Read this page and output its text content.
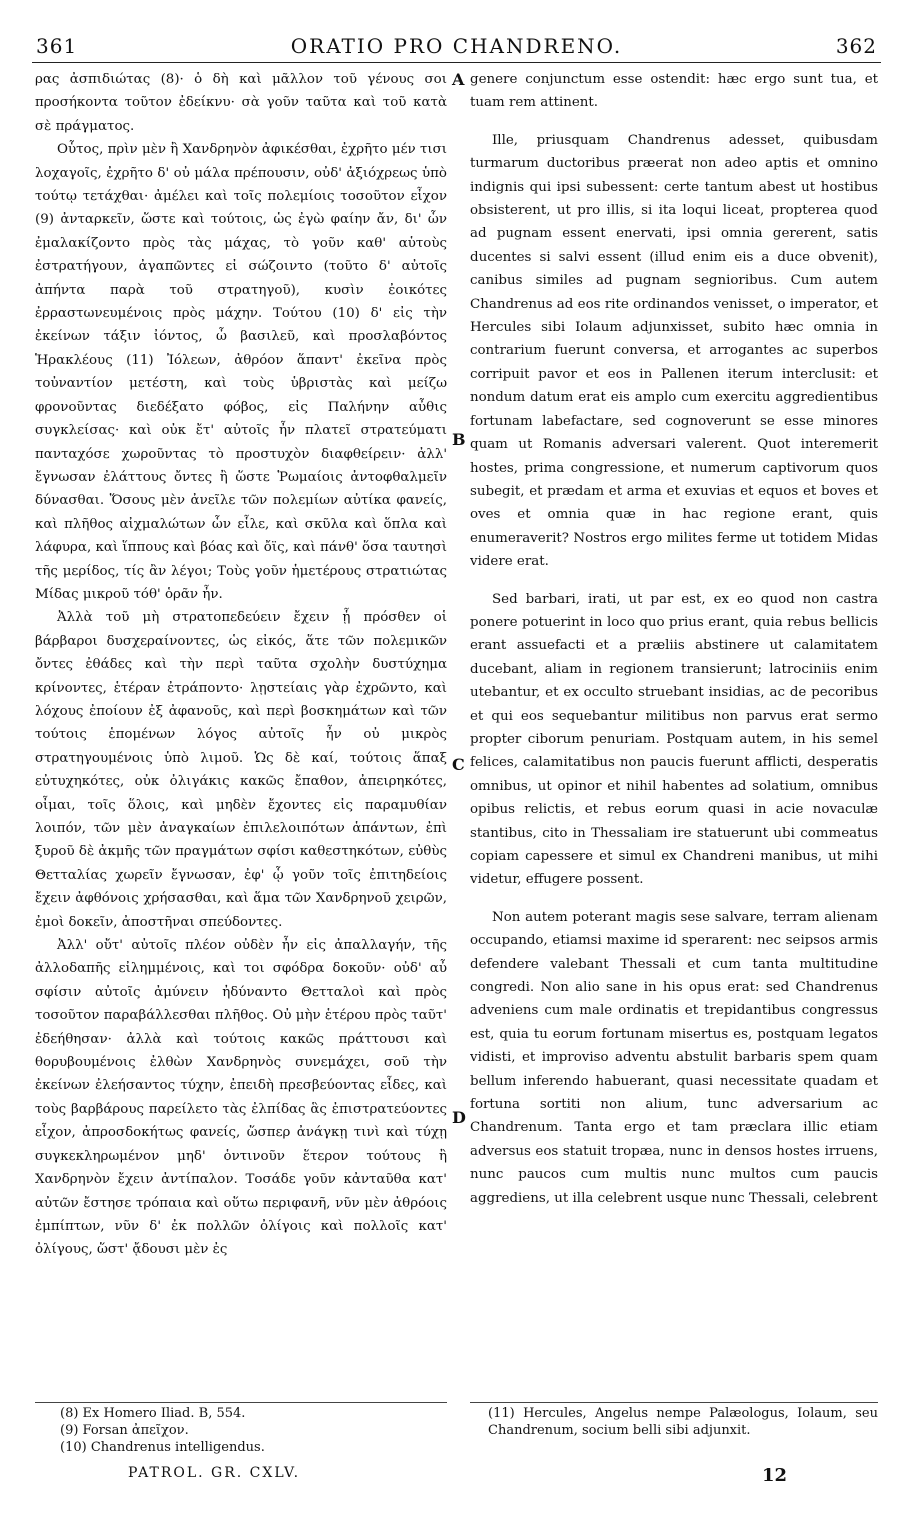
361	ORATIO PRO CHANDRENO.	362

ρας ἀσπιδιώτας (8)· ὁ δὴ καὶ μᾶλλον τοῦ γένους σοι προσήκοντα τοῦτον ἐδείκνυ· σὰ γοῦν ταῦτα καὶ τοῦ κατὰ σὲ πράγματος.

Οὗτος, πρὶν μὲν ἢ Χανδρηνὸν ἀφικέσθαι, ἐχρῆτο μέν τισι λοχαγοῖς, ἐχρῆτο δ' οὐ μάλα πρέπουσιν, οὐδ' ἀξιόχρεως ὑπὸ τούτῳ τετάχθαι· ἀμέλει καὶ τοῖς πολεμίοις τοσοῦτον εἶχον (9) ἀνταρκεῖν, ὥστε καὶ τούτοις, ὡς ἐγὼ φαίην ἄν, δι' ὧν ἐμαλακίζοντο πρὸς τὰς μάχας, τὸ γοῦν καθ' αὑτοὺς ἐστρατήγουν, ἀγαπῶντες εἰ σώζοιντο (τοῦτο δ' αὐτοῖς ἀπήντα παρὰ τοῦ στρατηγοῦ), κυσὶν ἐοικότες ἐρραστωνευμένοις πρὸς μάχην. Τούτου (10) δ' εἰς τὴν ἐκείνων τάξιν ἰόντος, ὦ βασιλεῦ, καὶ προσλαβόντος Ἡρακλέους (11) Ἰόλεων, ἀθρόον ἅπαντ' ἐκεῖνα πρὸς τοὐναντίον μετέστη, καὶ τοὺς ὑβριστὰς καὶ μείζω φρονοῦντας διεδέξατο φόβος, εἰς Παλήνην αὖθις συγκλείσας· καὶ οὐκ ἔτ' αὐτοῖς ἦν πλατεῖ στρατεύματι πανταχόσε χωροῦντας τὸ προστυχὸν διαφθείρειν· ἀλλ' ἔγνωσαν ἐλάττους ὄντες ἢ ὥστε Ῥωμαίοις ἀντοφθαλμεῖν δύνασθαι. Ὅσους μὲν ἀνεῖλε τῶν πολεμίων αὐτίκα φανείς, καὶ πλῆθος αἰχμαλώτων ὧν εἷλε, καὶ σκῦλα καὶ ὅπλα καὶ λάφυρα, καὶ ἵππους καὶ βόας καὶ ὄϊς, καὶ πάνθ' ὅσα ταυτησὶ τῆς μερίδος, τίς ἂν λέγοι; Τοὺς γοῦν ἡμετέρους στρατιώτας Μίδας μικροῦ τόθ' ὁρᾶν ἦν.

Ἀλλὰ τοῦ μὴ στρατοπεδεύειν ἔχειν ᾗ πρόσθεν οἱ βάρβαροι δυσχεραίνοντες, ὡς εἰκός, ἅτε τῶν πολεμικῶν ὄντες ἐθάδες καὶ τὴν περὶ ταῦτα σχολὴν δυστύχημα κρίνοντες, ἑτέραν ἐτράποντο· λῃστείαις γὰρ ἐχρῶντο, καὶ λόχους ἐποίουν ἐξ ἀφανοῦς, καὶ περὶ βοσκημάτων καὶ τῶν τούτοις ἑπομένων λόγος αὐτοῖς ἦν οὐ μικρὸς στρατηγουμένοις ὑπὸ λιμοῦ. Ὡς δὲ καί, τούτοις ἅπαξ εὐτυχηκότες, οὐκ ὀλιγάκις κακῶς ἔπαθον, ἀπειρηκότες, οἶμαι, τοῖς ὅλοις, καὶ μηδὲν ἔχοντες εἰς παραμυθίαν λοιπόν, τῶν μὲν ἀναγκαίων ἐπιλελοιπότων ἁπάντων, ἐπὶ ξυροῦ δὲ ἀκμῆς τῶν πραγμάτων σφίσι καθεστηκότων, εὐθὺς Θετταλίας χωρεῖν ἔγνωσαν, ἐφ' ᾧ γοῦν τοῖς ἐπιτηδείοις ἔχειν ἀφθόνοις χρήσασθαι, καὶ ἅμα τῶν Χανδρηνοῦ χειρῶν, ἐμοὶ δοκεῖν, ἀποστῆναι σπεύδοντες.

Ἀλλ' οὔτ' αὐτοῖς πλέον οὐδὲν ἦν εἰς ἀπαλλαγήν, τῆς ἀλλοδαπῆς εἰλημμένοις, καὶ τοι σφόδρα δοκοῦν· οὐδ' αὖ σφίσιν αὐτοῖς ἀμύνειν ἠδύναντο Θετταλοὶ καὶ πρὸς τοσοῦτον παραβάλλεσθαι πλῆθος. Οὐ μὴν ἑτέρου πρὸς ταῦτ' ἐδεήθησαν· ἀλλὰ καὶ τούτοις κακῶς πράττουσι καὶ θορυβουμένοις ἐλθὼν Χανδρηνὸς συνεμάχει, σοῦ τὴν ἐκείνων ἐλεήσαντος τύχην, ἐπειδὴ πρεσβεύοντας εἶδες, καὶ τοὺς βαρβάρους παρείλετο τὰς ἐλπίδας ἃς ἐπιστρατεύοντες εἶχον, ἀπροσδοκήτως φανείς, ὥσπερ ἀνάγκῃ τινὶ καὶ τύχῃ συγκεκληρωμένον μηδ' ὁντινοῦν ἕτερον τούτους ἢ Χανδρηνὸν ἔχειν ἀντίπαλον. Τοσάδε γοῦν κἀνταῦθα κατ' αὐτῶν ἔστησε τρόπαια καὶ οὕτω περιφανῆ, νῦν μὲν ἀθρόοις ἐμπίπτων, νῦν δ' ἐκ πολλῶν ὀλίγοις καὶ πολλοῖς κατ' ὀλίγους, ὥστ' ᾄδουσι μὲν ἐς

A
B
C
D

genere conjunctum esse ostendit: hæc ergo sunt tua, et tuam rem attinent.

Ille, priusquam Chandrenus adesset, quibusdam turmarum ductoribus præerat non adeo aptis et omnino indignis qui ipsi subessent: certe tantum abest ut hostibus obsisterent, ut pro illis, si ita loqui liceat, propterea quod ad pugnam essent enervati, ipsi omnia gererent, satis ducentes si salvi essent (illud enim eis a duce obvenit), canibus similes ad pugnam segnioribus. Cum autem Chandrenus ad eos rite ordinandos venisset, o imperator, et Hercules sibi Iolaum adjunxisset, subito hæc omnia in contrarium fuerunt conversa, et arrogantes ac superbos corripuit pavor et eos in Pallenen iterum interclusit: et nondum datum erat eis amplo cum exercitu aggredientibus fortunam labefactare, sed cognoverunt se esse minores quam ut Romanis adversari valerent. Quot interemerit hostes, prima congressione, et numerum captivorum quos subegit, et prædam et arma et exuvias et equos et boves et oves et omnia quæ in hac regione erant, quis enumeraverit? Nostros ergo milites ferme ut totidem Midas videre erat.

Sed barbari, irati, ut par est, ex eo quod non castra ponere potuerint in loco quo prius erant, quia rebus bellicis erant assuefacti et a præliis abstinere ut calamitatem ducebant, aliam in regionem transierunt; latrociniis enim utebantur, et ex occulto struebant insidias, ac de pecoribus et qui eos sequebantur militibus non parvus erat sermo propter ciborum penuriam. Postquam autem, in his semel felices, calamitatibus non paucis fuerunt afflicti, desperatis omnibus, ut opinor et nihil habentes ad solatium, omnibus opibus relictis, et rebus eorum quasi in acie novaculæ stantibus, cito in Thessaliam ire statuerunt ubi commeatus copiam capessere et simul ex Chandreni manibus, ut mihi videtur, effugere possent.

Non autem poterant magis sese salvare, terram alienam occupando, etiamsi maxime id sperarent: nec seipsos armis defendere valebant Thessali et cum tanta multitudine congredi. Non alio sane in his opus erat: sed Chandrenus adveniens cum male ordinatis et trepidantibus congressus est, quia tu eorum fortunam misertus es, postquam legatos vidisti, et improviso adventu abstulit barbaris spem quam bellum inferendo habuerant, quasi necessitate quadam et fortuna sortiti non alium, tunc adversarium ac Chandrenum. Tanta ergo et tam præclara illic etiam adversus eos statuit tropæa, nunc in densos hostes irruens, nunc paucos cum multis nunc multos cum paucis aggrediens, ut illa celebrent usque nunc Thessali, celebrent

(8) Ex Homero Iliad. B, 554.
(9) Forsan ἀπεῖχον.
(10) Chandrenus intelligendus.
(11) Hercules, Angelus nempe Palæologus, Iolaum, seu Chandrenum, socium belli sibi adjunxit.
PATROL. GR. CXLV.	12
